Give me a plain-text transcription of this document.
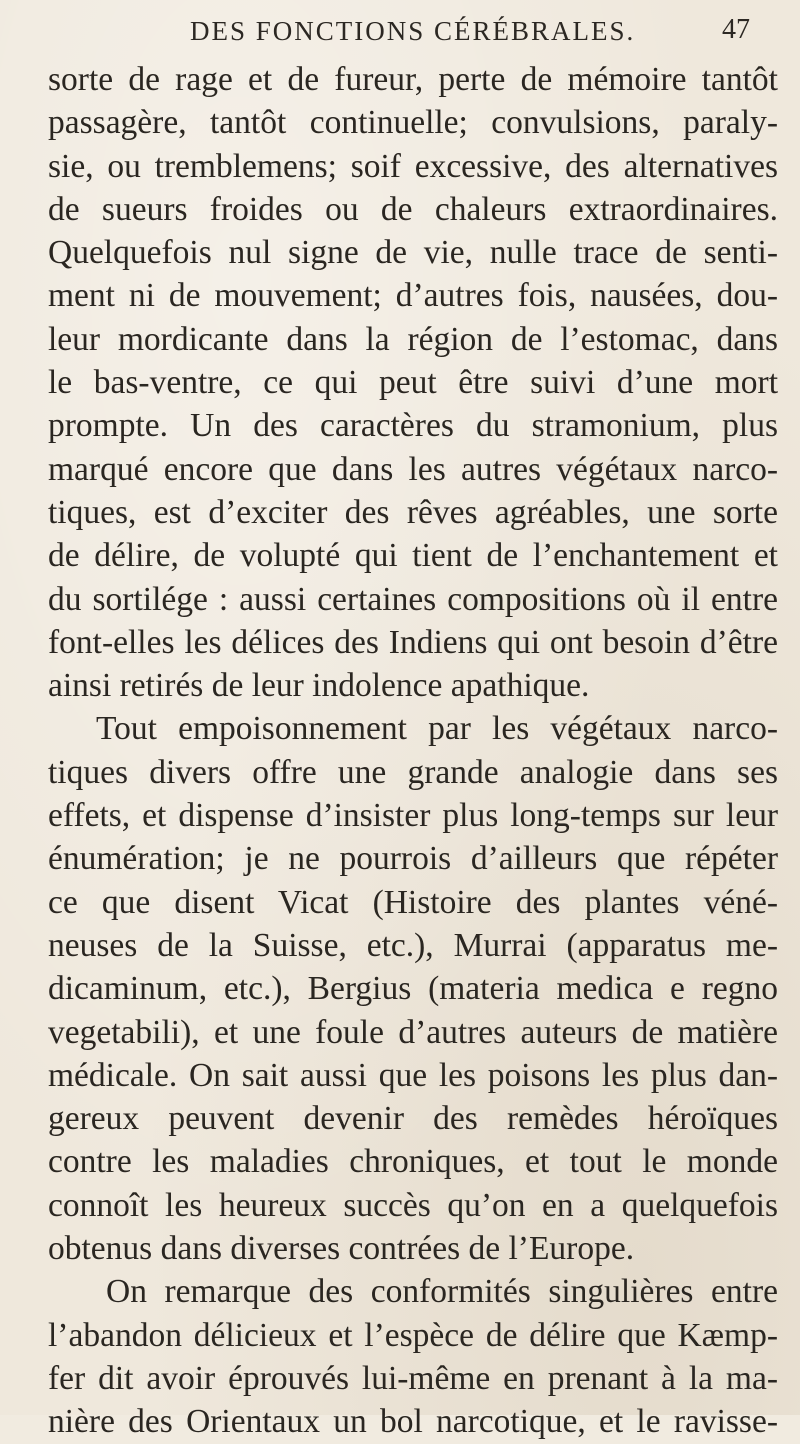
DES FONCTIONS CÉRÉBRALES.	47
sorte de rage et de fureur, perte de mémoire tantôt
passagère, tantôt continuelle; convulsions, paraly-
sie, ou tremblemens; soif excessive, des alternatives
de sueurs froides ou de chaleurs extraordinaires.
Quelquefois nul signe de vie, nulle trace de senti-
ment ni de mouvement; d’autres fois, nausées, dou-
leur mordicante dans la région de l’estomac, dans
le bas-ventre, ce qui peut être suivi d’une mort
prompte. Un des caractères du stramonium, plus
marqué encore que dans les autres végétaux narco-
tiques, est d’exciter des rêves agréables, une sorte
de délire, de volupté qui tient de l’enchantement et
du sortilége : aussi certaines compositions où il entre
font-elles les délices des Indiens qui ont besoin d’être
ainsi retirés de leur indolence apathique.
Tout empoisonnement par les végétaux narco-
tiques divers offre une grande analogie dans ses
effets, et dispense d’insister plus long-temps sur leur
énumération; je ne pourrois d’ailleurs que répéter
ce que disent Vicat (Histoire des plantes véné-
neuses de la Suisse, etc.), Murrai (apparatus me-
dicaminum, etc.), Bergius (materia medica e regno
vegetabili), et une foule d’autres auteurs de matière
médicale. On sait aussi que les poisons les plus dan-
gereux peuvent devenir des remèdes héroïques
contre les maladies chroniques, et tout le monde
connoît les heureux succès qu’on en a quelquefois
obtenus dans diverses contrées de l’Europe.
On remarque des conformités singulières entre
l’abandon délicieux et l’espèce de délire que Kæmp-
fer dit avoir éprouvés lui-même en prenant à la ma-
nière des Orientaux un bol narcotique, et le ravisse-
